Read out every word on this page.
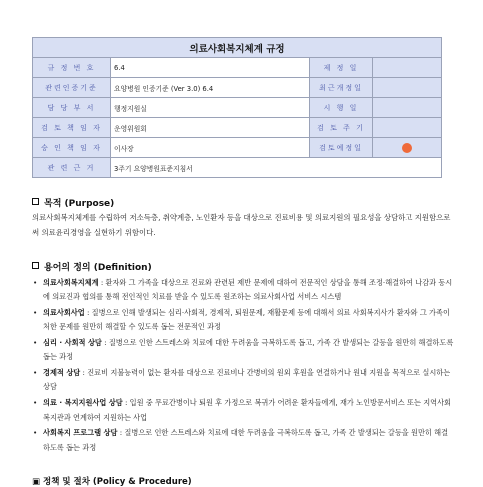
의료사회복지체계 규정			
규 정 번 호	6.4	제 정 일	
관련인증기준	요양병원 인증기준 (Ver 3.0) 6.4	최근개정일	
담 당 부 서	행정지원실	시 행 일	
검 토 책 임 자	운영위원회	검 토 주 기	
승 인 책 임 자	이사장	검토예정일	
관 련 근 거	3주기 요양병원표준지침서		
목적 (Purpose)
의료사회복지체계를 수립하여 저소득층, 취약계층, 노인환자 등을 대상으로 진료비용 및 의료지원의 필요성을 상담하고 지원함으로써 의료윤리경영을 실현하기 위함이다.
용어의 정의 (Definition)
• 의료사회복지체계 : 환자와 그 가족을 대상으로 진료와 관련된 제반 문제에 대하여 전문적인 상담을 통해 조정·해결하여 나감과 동시에 의료진과 협의를 통해 전인적인 치료를 받을 수 있도록 원조하는 의료사회사업 서비스 시스템
• 의료사회사업 : 질병으로 인해 발생되는 심리·사회적, 경제적, 퇴원문제, 재활문제 등에 대해서 의료 사회복지사가 환자와 그 가족이 처한 문제를 원만히 해결할 수 있도록 돕는 전문적인 과정
• 심리 · 사회적 상담 : 질병으로 인한 스트레스와 치료에 대한 두려움을 극복하도록 돕고, 가족 간 발생되는 갈등을 원만히 해결하도록 돕는 과정
• 경제적 상담 : 진료비 지불능력이 없는 환자를 대상으로 진료비나 간병비의 원외 후원을 연결하거나 원내 지원을 목적으로 실시하는 상담
• 의료 · 복지지원사업 상담 : 입원 중 무료간병이나 퇴원 후 가정으로 복귀가 어려운 환자들에게, 재가 노인방문서비스 또는 지역사회복지관과 연계하여 지원하는 사업
• 사회복지 프로그램 상담 : 질병으로 인한 스트레스와 치료에 대한 두려움을 극복하도록 돕고, 가족 간 발생되는 갈등을 원만히 해결하도록 돕는 과정
▣ 정책 및 절차 (Policy & Procedure)
